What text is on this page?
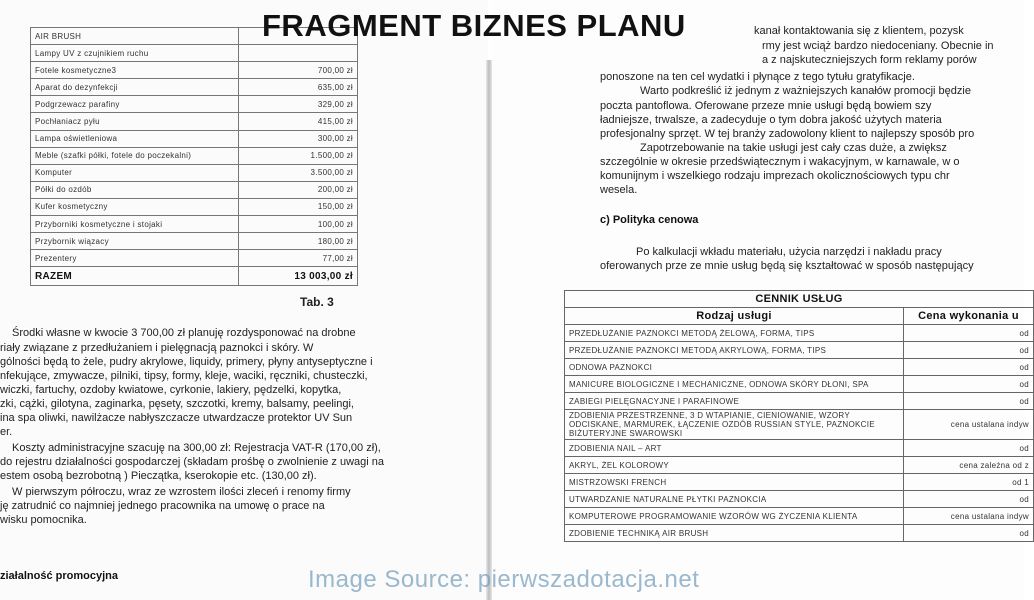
AIR BRUSH	
Lampy UV z czujnikiem ruchu	
Fotele kosmetyczne3	700,00 zł
Aparat do dezynfekcji	635,00 zł
Podgrzewacz parafiny	329,00 zł
Pochłaniacz pyłu	415,00 zł
Lampa oświetleniowa	300,00 zł
Meble (szafki półki, fotele do poczekalni)	1.500,00 zł
Komputer	3.500,00 zł
Półki do ozdób	200,00 zł
Kufer kosmetyczny	150,00 zł
Przyborniki kosmetyczne i stojaki	100,00 zł
Przybornik wiązacy	180,00 zł
Prezentery	77,00 zł
RAZEM	13 003,00 zł
Tab. 3
Środki własne w kwocie 3 700,00 zł planuję rozdysponować na drobne
riały związane z przedłużaniem i pielęgnacją paznokci i skóry. W
gólności będą to żele, pudry akrylowe, liquidy, primery, płyny antyseptyczne i
nfekujące, zmywacze, pilniki, tipsy, formy, kleje, waciki, ręczniki, chusteczki,
wiczki, fartuchy, ozdoby kwiatowe, cyrkonie, lakiery, pędzelki, kopytka,
zki, cążki, gilotyna, zaginarka, pęsety, szczotki, kremy, balsamy, peelingi,
ina spa oliwki, nawilżacze nabłyszczacze utwardzacze protektor UV Sun
er.
Koszty administracyjne szacuję na 300,00 zł: Rejestracja VAT-R (170,00 zł),
do rejestru działalności gospodarczej (składam prośbę o zwolnienie z uwagi na
estem osobą bezrobotną ) Pieczątka, kserokopie etc. (130,00 zł).
W pierwszym półroczu, wraz ze wzrostem ilości zleceń i renomy firmy
ję zatrudnić co najmniej jednego pracownika na umowę o prace na
wisku pomocnika.
ziałalność promocyjna
kanał kontaktowania się z klientem, pozysk
rmy jest wciąż bardzo niedoceniany. Obecnie in
a z najskuteczniejszych form reklamy porów
ponoszone na ten cel wydatki i płynące z tego tytułu gratyfikacje.
Warto podkreślić iż jednym z ważniejszych kanałów promocji będzie
poczta pantoflowa. Oferowane przeze mnie usługi będą bowiem szy
ładniejsze, trwalsze, a zadecyduje o tym dobra jakość użytych materia
profesjonalny sprzęt. W tej branży zadowolony klient to najlepszy sposób pro
Zapotrzebowanie na takie usługi jest cały czas duże, a zwiększ
szczególnie w okresie przedświątecznym i wakacyjnym, w karnawale, w o
komunijnym i wszelkiego rodzaju imprezach okolicznościowych typu chr
wesela.
c) Polityka cenowa
Po kalkulacji wkładu materiału, użycia narzędzi i nakładu pracy
oferowanych prze ze mnie usług będą się kształtować w sposób następujący
CENNIK USŁUG	
Rodzaj usługi	Cena wykonania u
PRZEDŁUŻANIE PAZNOKCI METODĄ ŻELOWĄ, FORMA, TIPS	od
PRZEDŁUŻANIE PAZNOKCI METODĄ AKRYLOWĄ, FORMA, TIPS	od
ODNOWA PAZNOKCI	od
MANICURE BIOLOGICZNE I MECHANICZNE, ODNOWA SKÓRY DŁONI, SPA	od
ZABIEGI PIELĘGNACYJNE I PARAFINOWE	od
ZDOBIENIA PRZESTRZENNE, 3 D WTAPIANIE, CIENIOWANIE, WZORY ODCISKANE, MARMUREK, ŁĄCZENIE OZDÓB RUSSIAN STYLE, PAZNOKCIE BIŻUTERYJNE SWAROWSKI	cena ustalana indyw
ZDOBIENIA NAIL – ART	od
AKRYL, ŻEL KOLOROWY	cena zależna od z
MISTRZOWSKI FRENCH	od 1
UTWARDZANIE NATURALNE PŁYTKI PAZNOKCIA	od
KOMPUTEROWE PROGRAMOWANIE WZORÓW WG ŻYCZENIA KLIENTA	cena ustalana indyw
ZDOBIENIE TECHNIKĄ AIR BRUSH	od
FRAGMENT BIZNES PLANU
Image Source: pierwszadotacja.net
